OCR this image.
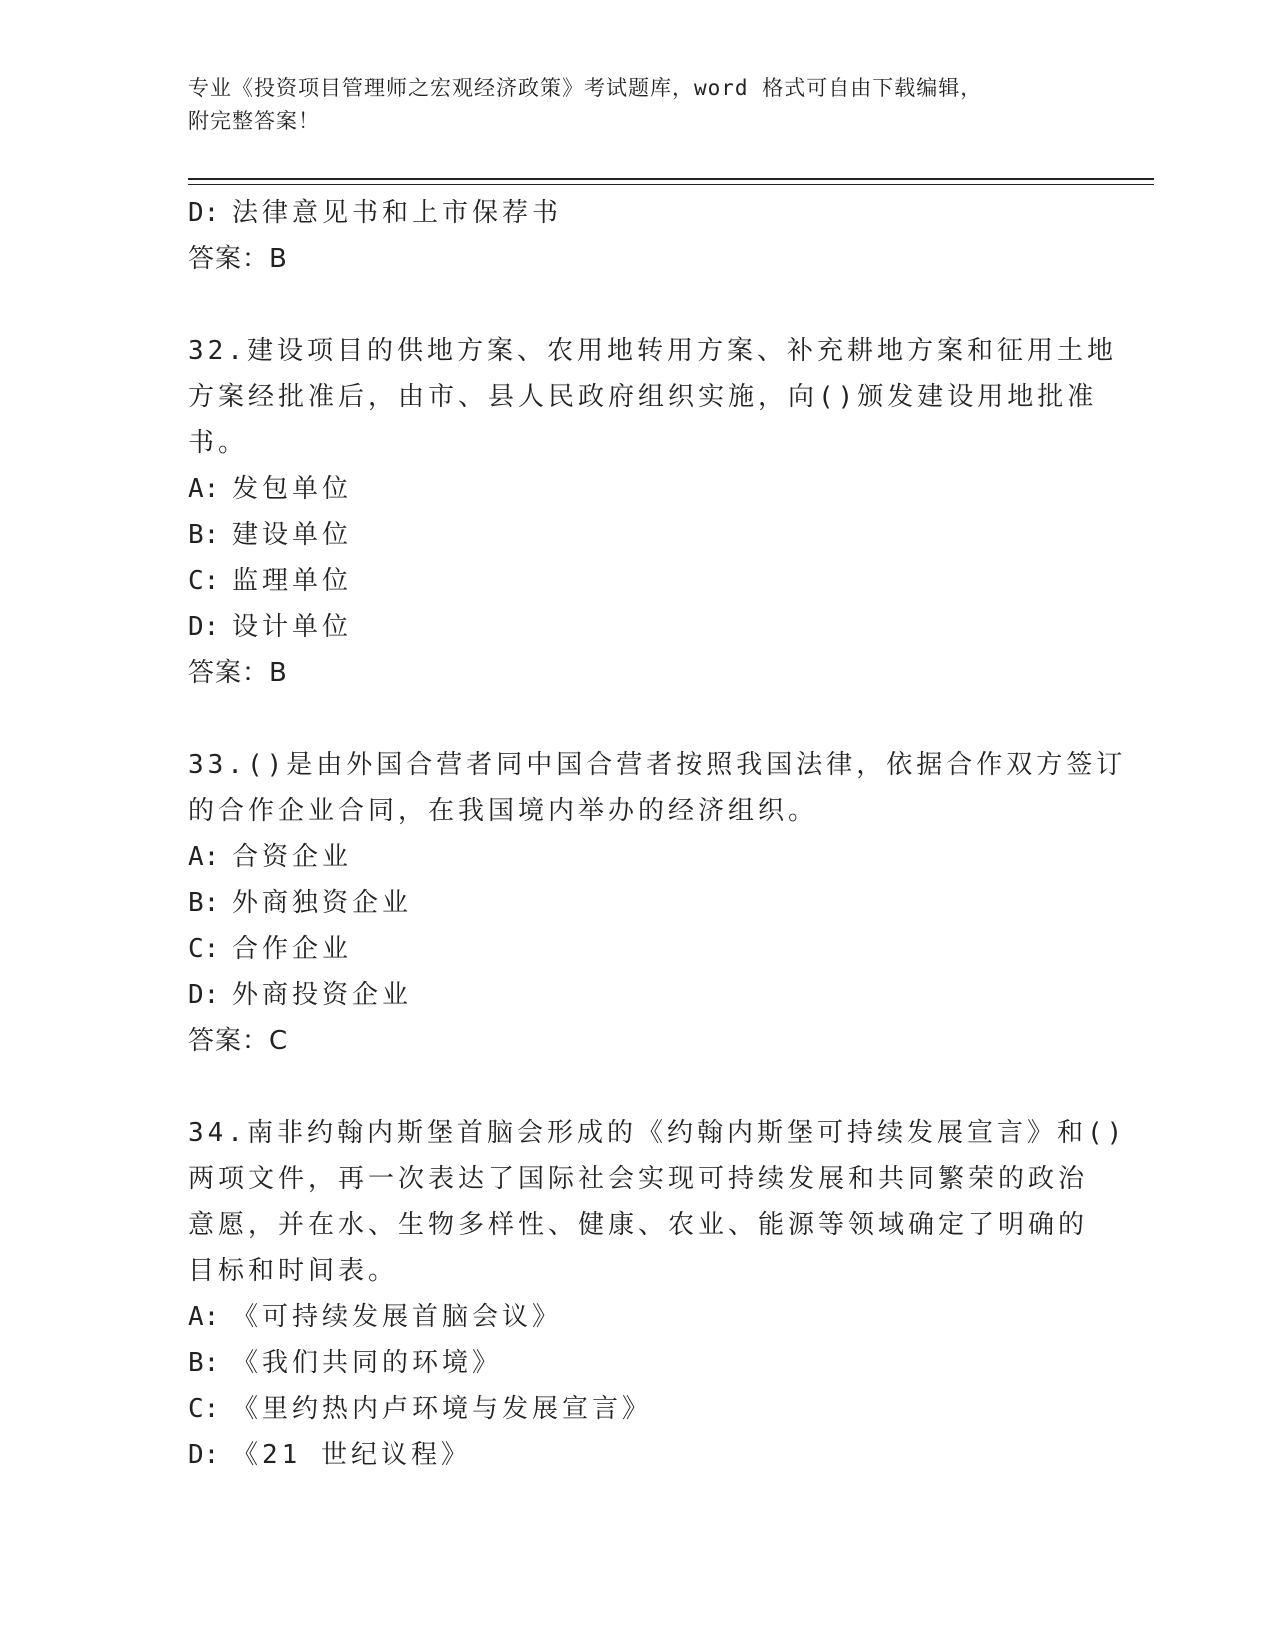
专业《投资项目管理师之宏观经济政策》考试题库，word 格式可自由下载编辑，
附完整答案！
D: 法律意见书和上市保荐书
答案：B
32.建设项目的供地方案、农用地转用方案、补充耕地方案和征用土地
方案经批准后，由市、县人民政府组织实施，向()颁发建设用地批准
书。
A: 发包单位
B: 建设单位
C: 监理单位
D: 设计单位
答案：B
33.()是由外国合营者同中国合营者按照我国法律，依据合作双方签订
的合作企业合同，在我国境内举办的经济组织。
A: 合资企业
B: 外商独资企业
C: 合作企业
D: 外商投资企业
答案：C
34.南非约翰内斯堡首脑会形成的《约翰内斯堡可持续发展宣言》和()
两项文件，再一次表达了国际社会实现可持续发展和共同繁荣的政治
意愿，并在水、生物多样性、健康、农业、能源等领域确定了明确的
目标和时间表。
A: 《可持续发展首脑会议》
B: 《我们共同的环境》
C: 《里约热内卢环境与发展宣言》
D: 《21 世纪议程》
